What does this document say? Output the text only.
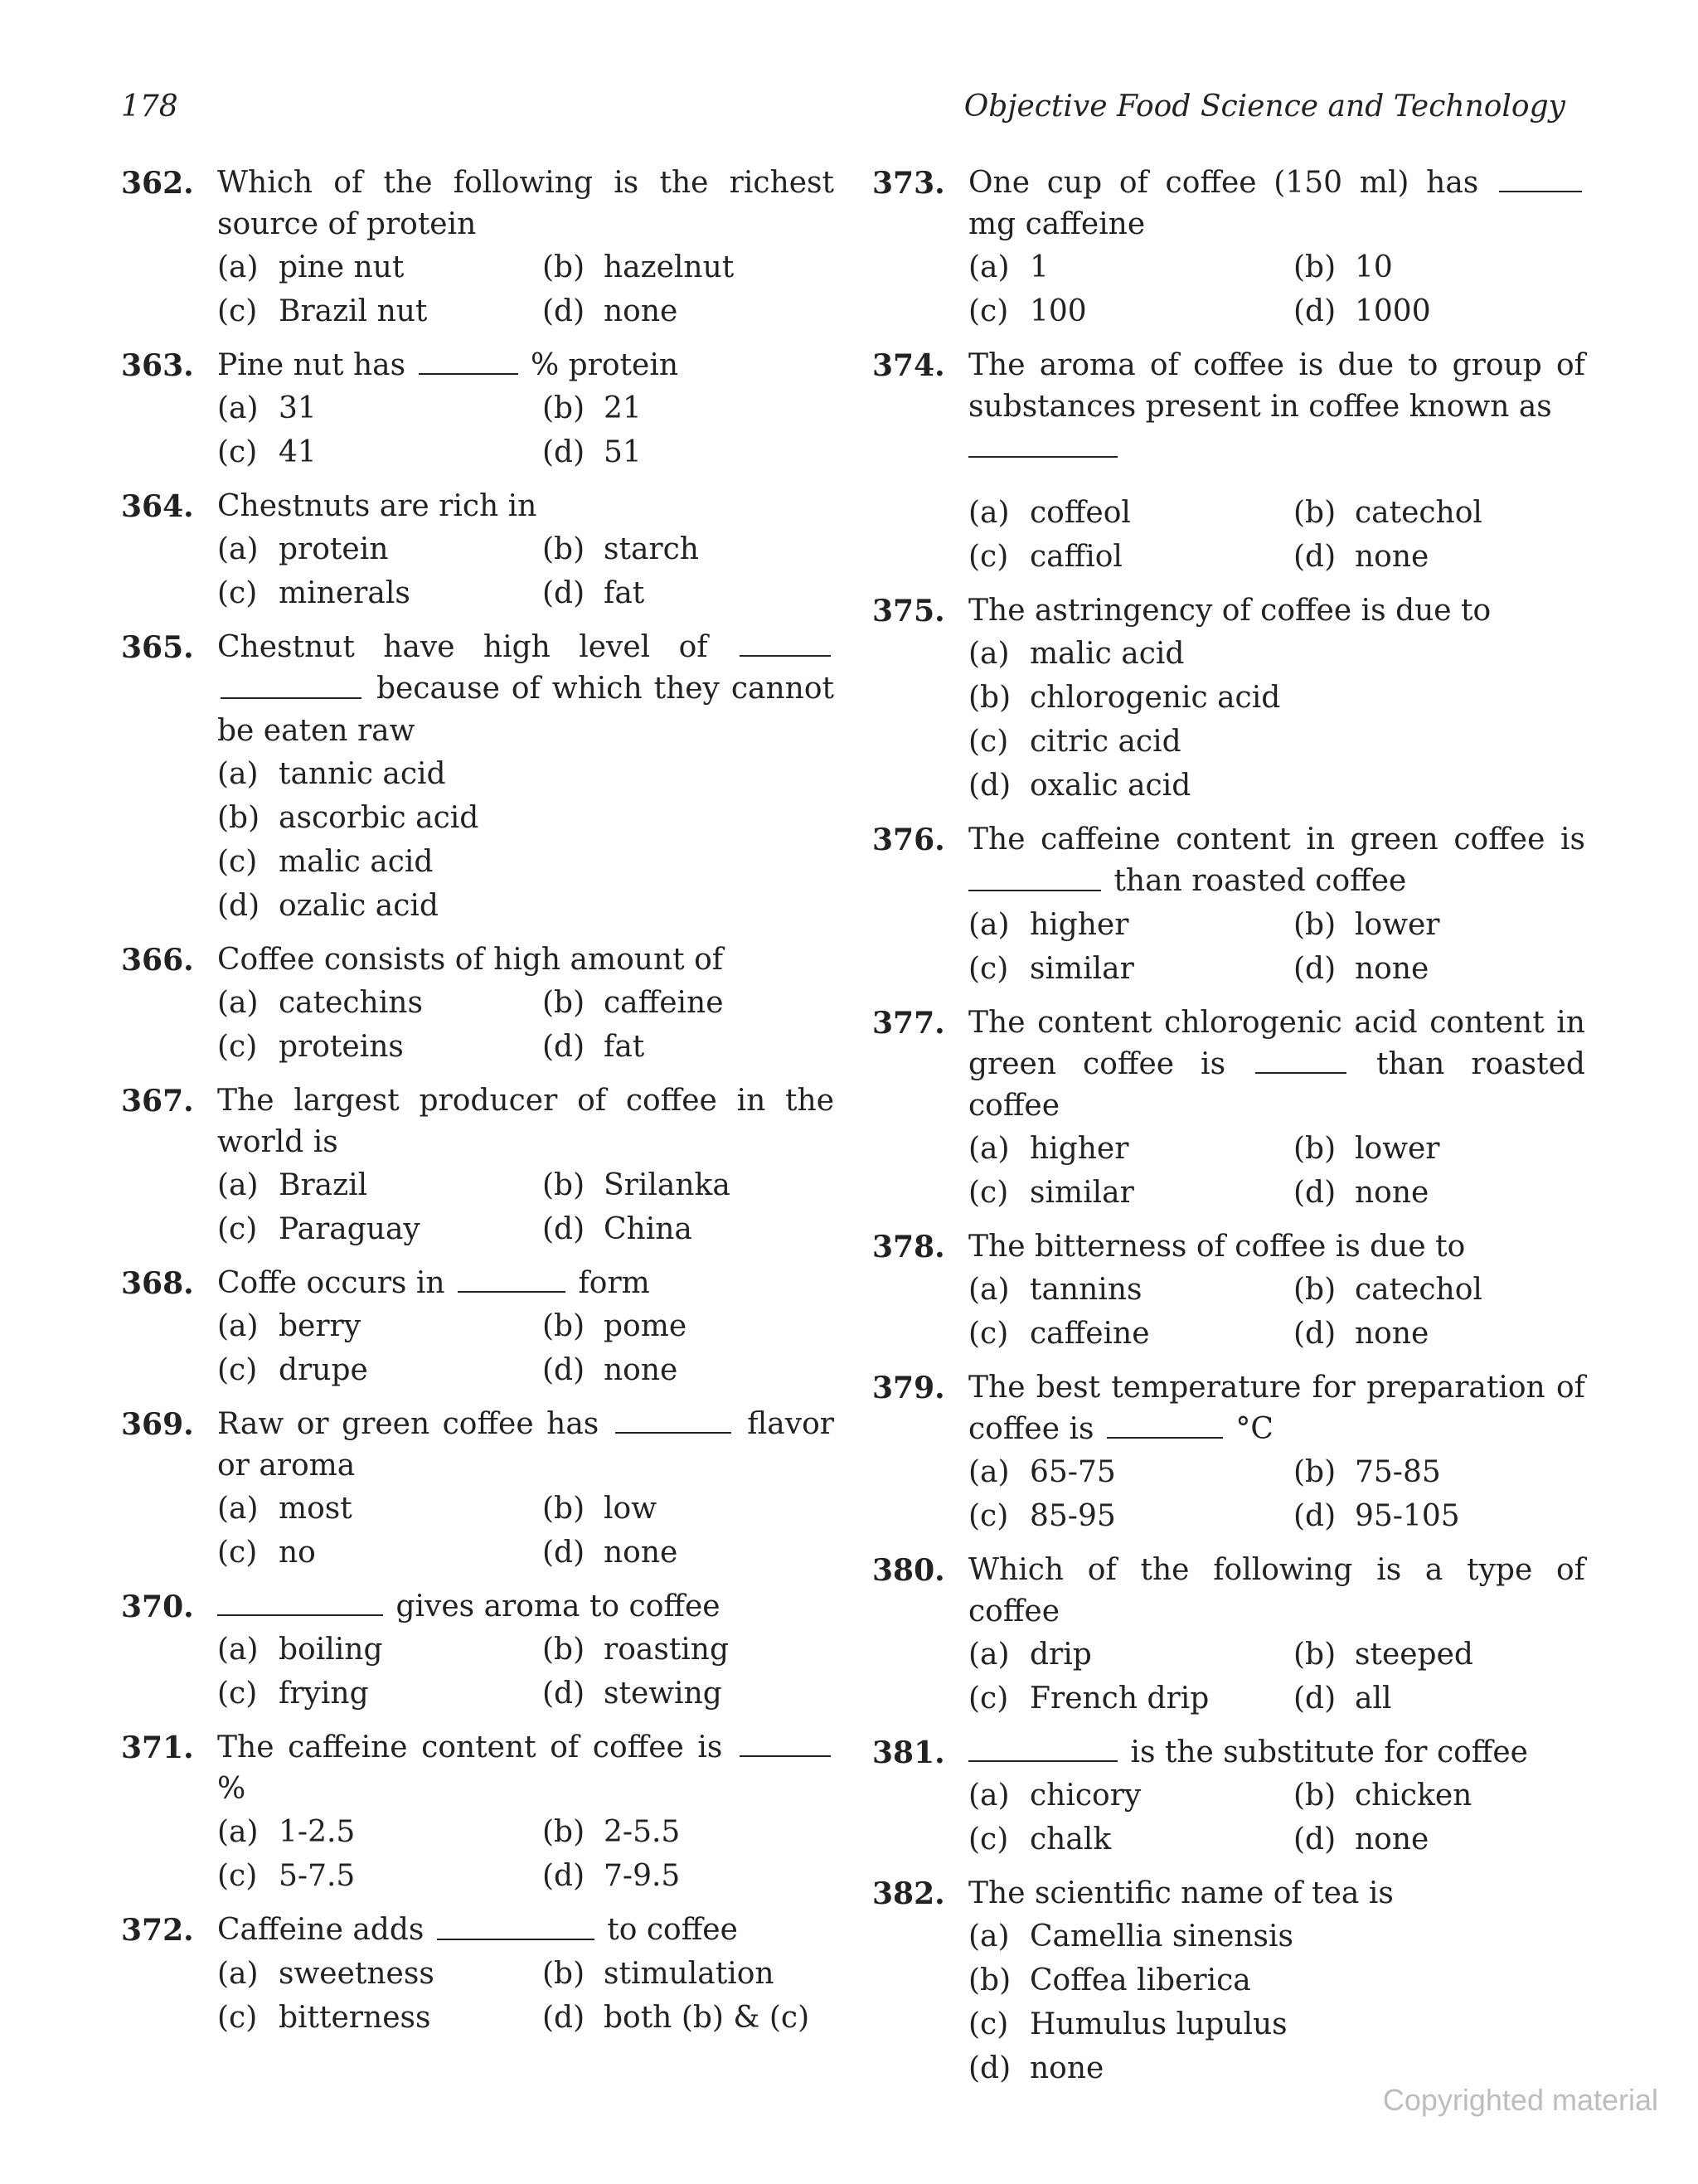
178	Objective Food Science and Technology
362. Which of the following is the richest source of protein
(a) pine nut	(b) hazelnut
(c) Brazil nut	(d) none
363. Pine nut has	% protein
(a) 31	(b) 21
(c) 41	(d) 51
364. Chestnuts are rich in
(a) protein	(b) starch
(c) minerals	(d) fat
365. Chestnut have high level of   because of which they cannot be eaten raw
(a) tannic acid
(b) ascorbic acid
(c) malic acid
(d) ozalic acid
366. Coffee consists of high amount of
(a) catechins	(b) caffeine
(c) proteins	(d) fat
367. The largest producer of coffee in the world is
(a) Brazil	(b) Srilanka
(c) Paraguay	(d) China
368. Coffe occurs in	form
(a) berry	(b) pome
(c) drupe	(d) none
369. Raw or green coffee has	flavor or aroma
(a) most	(b) low
(c) no	(d) none
370.	gives aroma to coffee
(a) boiling	(b) roasting
(c) frying	(d) stewing
371. The caffeine content of coffee is  %
(a) 1-2.5	(b) 2-5.5
(c) 5-7.5	(d) 7-9.5
372. Caffeine adds	to coffee
(a) sweetness	(b) stimulation
(c) bitterness	(d) both (b) & (c)
373. One cup of coffee (150 ml) has  mg caffeine
(a) 1	(b) 10
(c) 100	(d) 1000
374. The aroma of coffee is due to group of substances present in coffee known as
(a) coffeol	(b) catechol
(c) caffiol	(d) none
375. The astringency of coffee is due to
(a) malic acid
(b) chlorogenic acid
(c) citric acid
(d) oxalic acid
376. The caffeine content in green coffee is  than roasted coffee
(a) higher	(b) lower
(c) similar	(d) none
377. The content chlorogenic acid content in green coffee is	than roasted coffee
(a) higher	(b) lower
(c) similar	(d) none
378. The bitterness of coffee is due to
(a) tannins	(b) catechol
(c) caffeine	(d) none
379. The best temperature for preparation of coffee is	°C
(a) 65-75	(b) 75-85
(c) 85-95	(d) 95-105
380. Which of the following is a type of coffee
(a) drip	(b) steeped
(c) French drip	(d) all
381.	is the substitute for coffee
(a) chicory	(b) chicken
(c) chalk	(d) none
382. The scientific name of tea is
(a) Camellia sinensis
(b) Coffea liberica
(c) Humulus lupulus
(d) none
Copyrighted material
